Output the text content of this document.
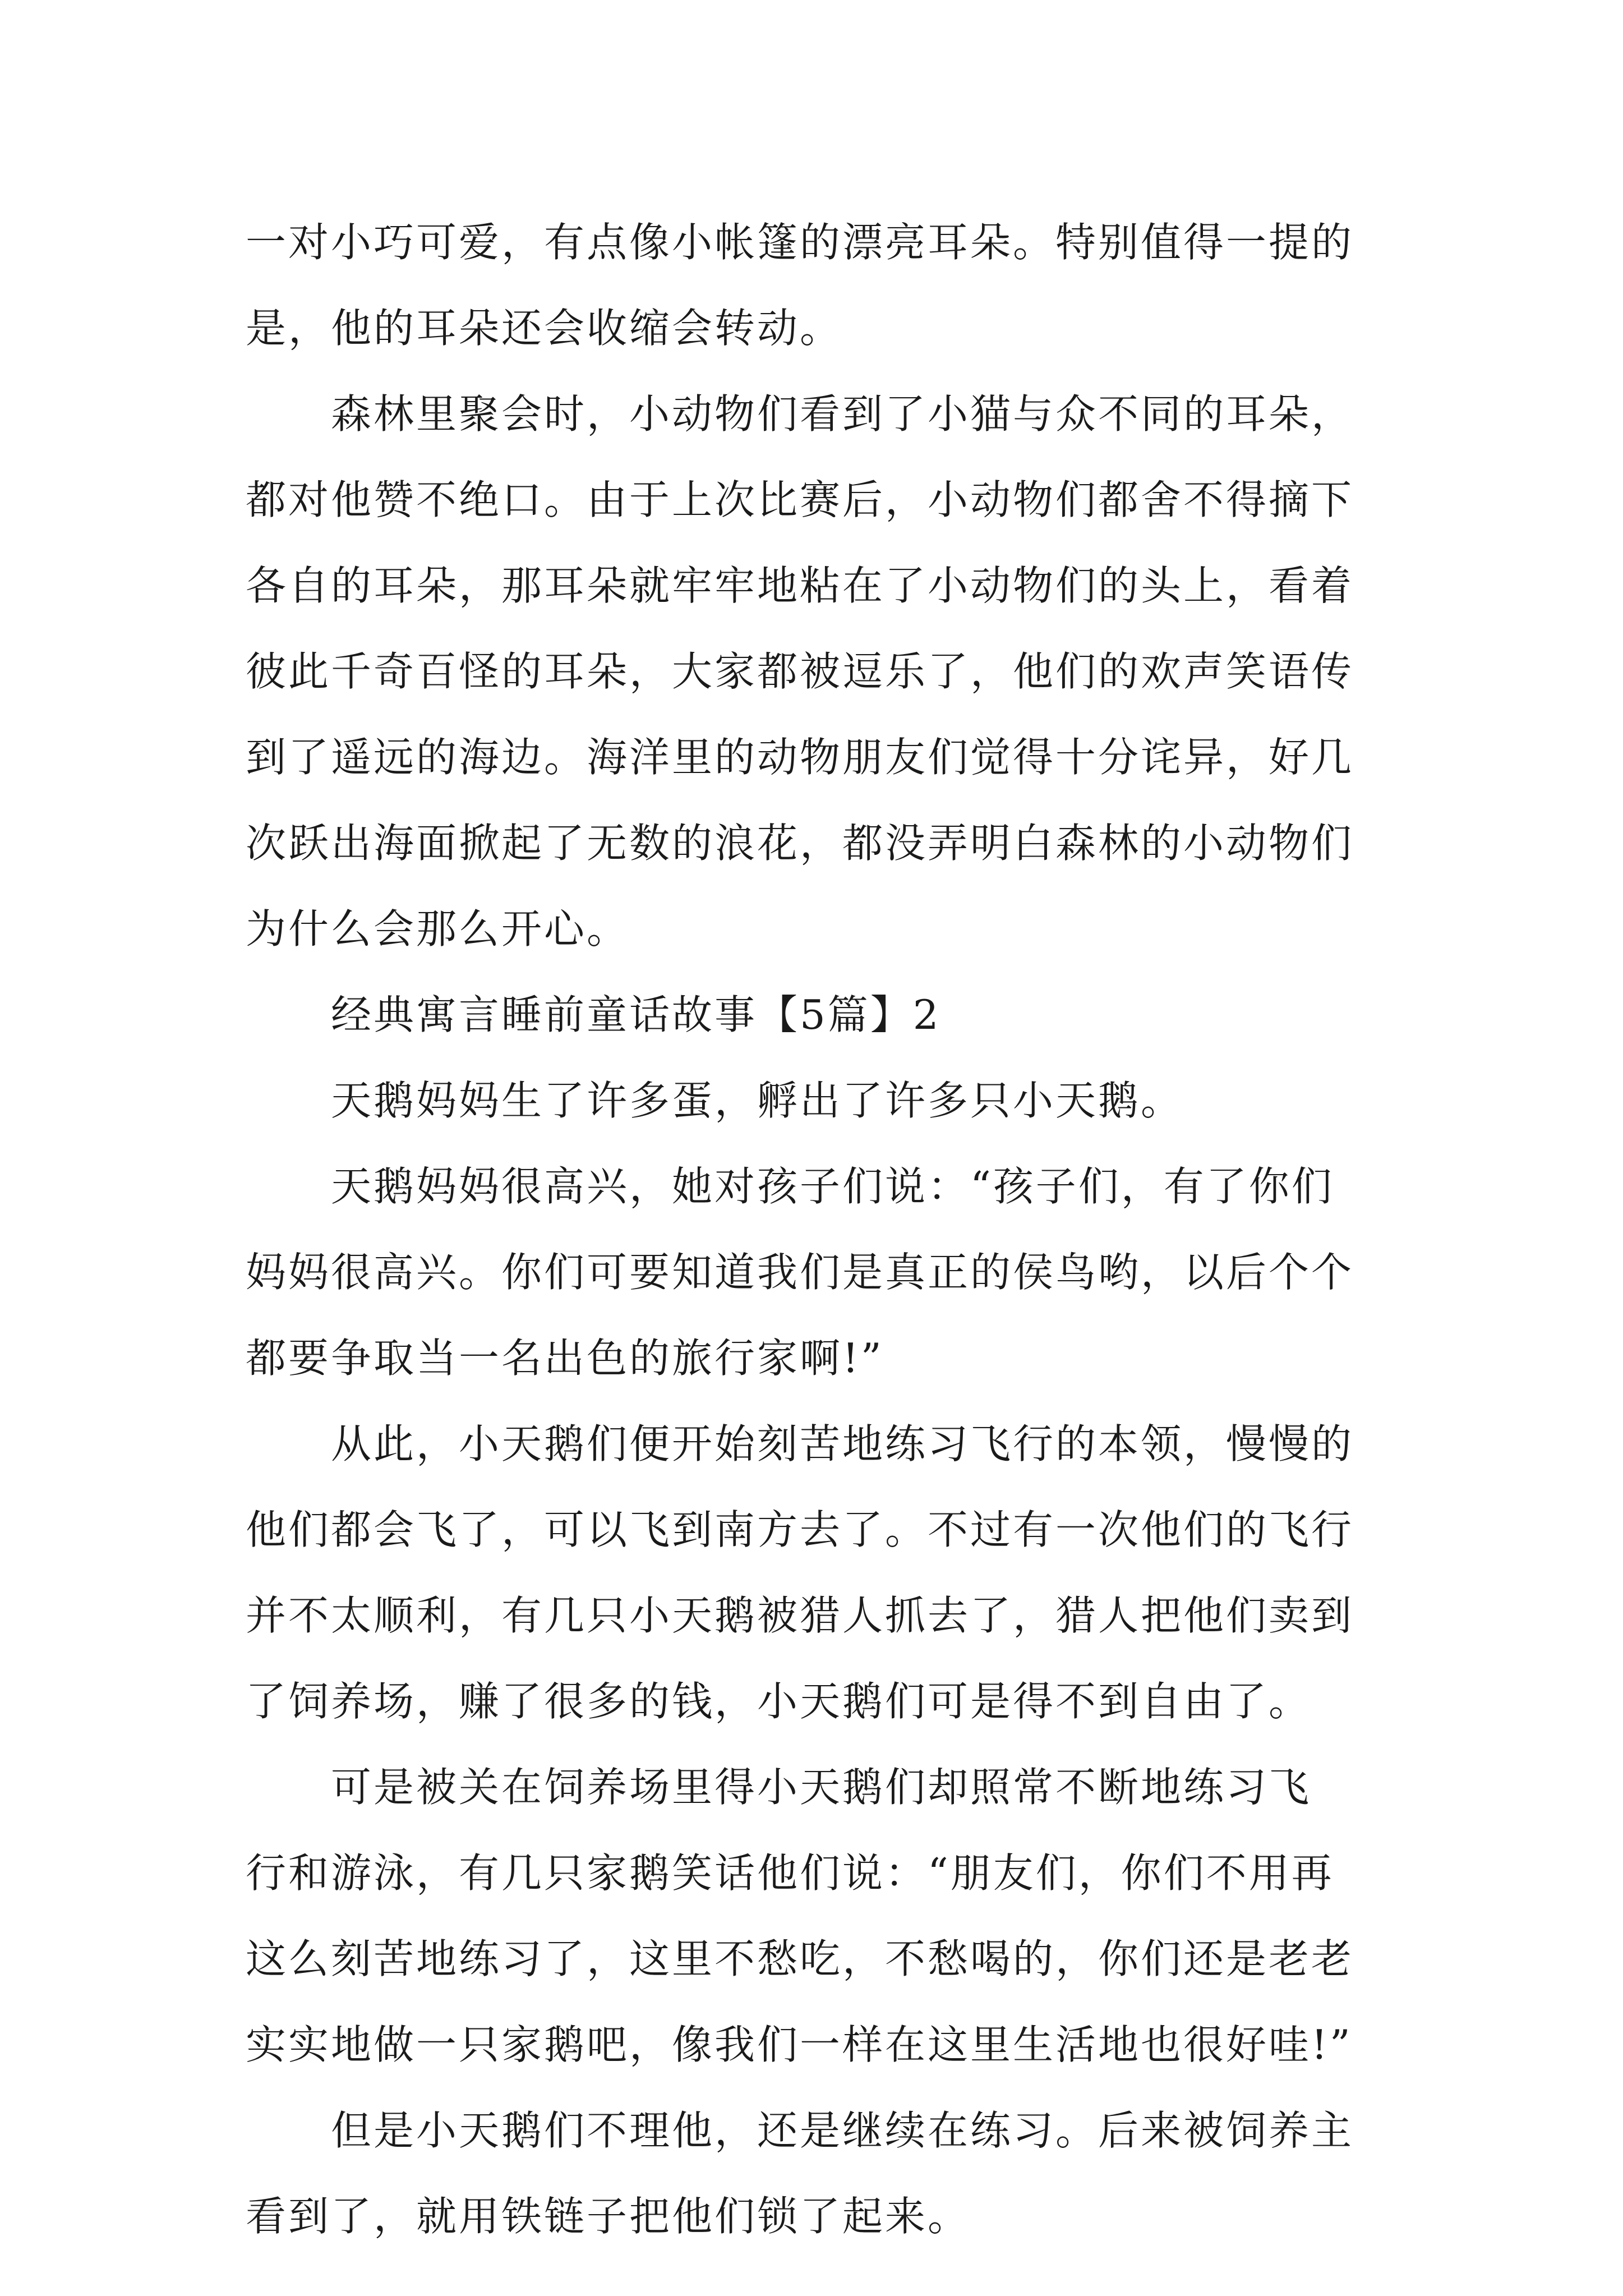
一对小巧可爱，有点像小帐篷的漂亮耳朵。特别值得一提的
是，他的耳朵还会收缩会转动。

森林里聚会时，小动物们看到了小猫与众不同的耳朵，
都对他赞不绝口。由于上次比赛后，小动物们都舍不得摘下
各自的耳朵，那耳朵就牢牢地粘在了小动物们的头上，看着
彼此千奇百怪的耳朵，大家都被逗乐了，他们的欢声笑语传
到了遥远的海边。海洋里的动物朋友们觉得十分诧异，好几
次跃出海面掀起了无数的浪花，都没弄明白森林的小动物们
为什么会那么开心。

经典寓言睡前童话故事【5篇】2

天鹅妈妈生了许多蛋，孵出了许多只小天鹅。

天鹅妈妈很高兴，她对孩子们说：“孩子们，有了你们
妈妈很高兴。你们可要知道我们是真正的侯鸟哟，以后个个
都要争取当一名出色的旅行家啊!”

从此，小天鹅们便开始刻苦地练习飞行的本领，慢慢的
他们都会飞了，可以飞到南方去了。不过有一次他们的飞行
并不太顺利，有几只小天鹅被猎人抓去了，猎人把他们卖到
了饲养场，赚了很多的钱，小天鹅们可是得不到自由了。

可是被关在饲养场里得小天鹅们却照常不断地练习飞
行和游泳，有几只家鹅笑话他们说：“朋友们，你们不用再
这么刻苦地练习了，这里不愁吃，不愁喝的，你们还是老老
实实地做一只家鹅吧，像我们一样在这里生活地也很好哇!”

但是小天鹅们不理他，还是继续在练习。后来被饲养主
看到了，就用铁链子把他们锁了起来。
